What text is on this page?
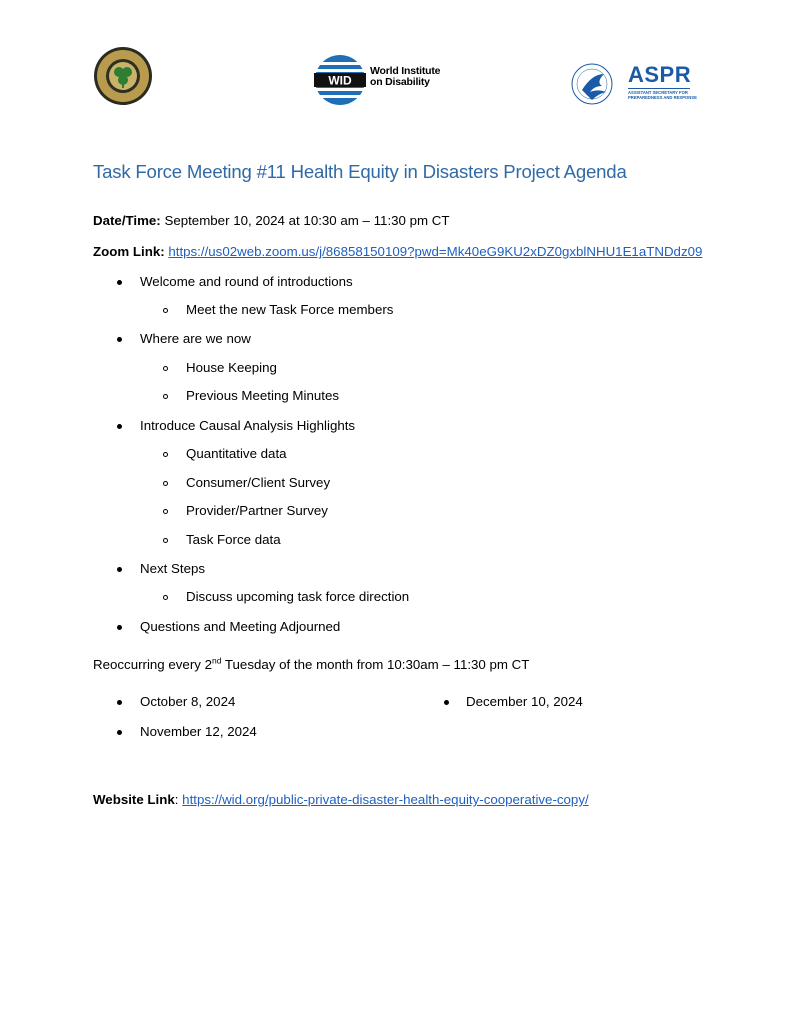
WID
World Institute
on Disability	ASPR
ASSISTANT SECRETARY FOR
PREPAREDNESS AND RESPONSE
Task Force Meeting #11 Health Equity in Disasters Project Agenda
Date/Time: September 10, 2024 at 10:30 am – 11:30 pm CT
Zoom Link: https://us02web.zoom.us/j/86858150109?pwd=Mk40eG9KU2xDZ0gxblNHU1E1aTNDdz09
Welcome and round of introductions
Meet the new Task Force members
Where are we now
House Keeping
Previous Meeting Minutes
Introduce Causal Analysis Highlights
Quantitative data
Consumer/Client Survey
Provider/Partner Survey
Task Force data
Next Steps
Discuss upcoming task force direction
Questions and Meeting Adjourned
Reoccurring every 2nd Tuesday of the month from 10:30am – 11:30 pm CT
October 8, 2024
November 12, 2024
December 10, 2024
Website Link: https://wid.org/public-private-disaster-health-equity-cooperative-copy/
